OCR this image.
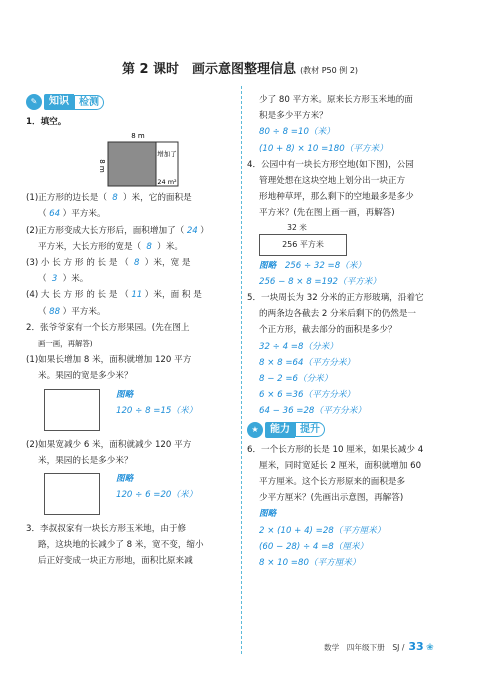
第 2 课时　画示意图整理信息 (教材 P50 例 2)
✎	知识	检测
1．填空。
8 m
8 m
增加了
24 m²
(1)正方形的边长是（ 8 ）米，它的面积是
（ 64 ）平方米。
(2)正方形变成大长方形后，面积增加了（ 24 ）
平方米，大长方形的宽是（ 8 ）米。
(3) 小 长 方 形 的 长 是 （ 8 ）米，宽 是
（ 3 ）米。
(4) 大 长 方 形 的 长 是 （ 11 ）米，面 积 是
（ 88 ）平方米。
2．张爷爷家有一个长方形果园。(先在图上
画一画，再解答)
(1)如果长增加 8 米，面积就增加 120 平方
米。果园的宽是多少米？
图略
120 ÷ 8 =15（米）
(2)如果宽减少 6 米，面积就减少 120 平方
米，果园的长是多少米？
图略
120 ÷ 6 =20（米）
3．李叔叔家有一块长方形玉米地，由于修
路，这块地的长减少了 8 米，宽不变，缩小
后正好变成一块正方形地，面积比原来减
少了 80 平方米。原来长方形玉米地的面
积是多少平方米？
80 ÷ 8 =10（米）
(10 + 8) × 10 =180（平方米）
4．公园中有一块长方形空地(如下图)，公园
管理处想在这块空地上划分出一块正方
形地种草坪，那么剩下的空地最多是多少
平方米？(先在图上画一画，再解答)
32 米
256 平方米
图略　 256 ÷ 32 =8（米）
256 − 8 × 8 =192（平方米）
5．一块周长为 32 分米的正方形玻璃，沿着它
的两条边各截去 2 分米后剩下的仍然是一
个正方形，截去部分的面积是多少？
32 ÷ 4 =8（分米）
8 × 8 =64（平方分米）
8 − 2 =6（分米）
6 × 6 =36（平方分米）
64 − 36 =28（平方分米）
★	能力	提升
6．一个长方形的长是 10 厘米，如果长减少 4
厘米，同时宽延长 2 厘米，面积就增加 60
平方厘米。这个长方形原来的面积是多
少平方厘米？(先画出示意图，再解答)
图略
2 × (10 + 4) =28（平方厘米）
(60 − 28) ÷ 4 =8（厘米）
8 × 10 =80（平方厘米）
数学　四年级下册　SJ / 33 ❀
